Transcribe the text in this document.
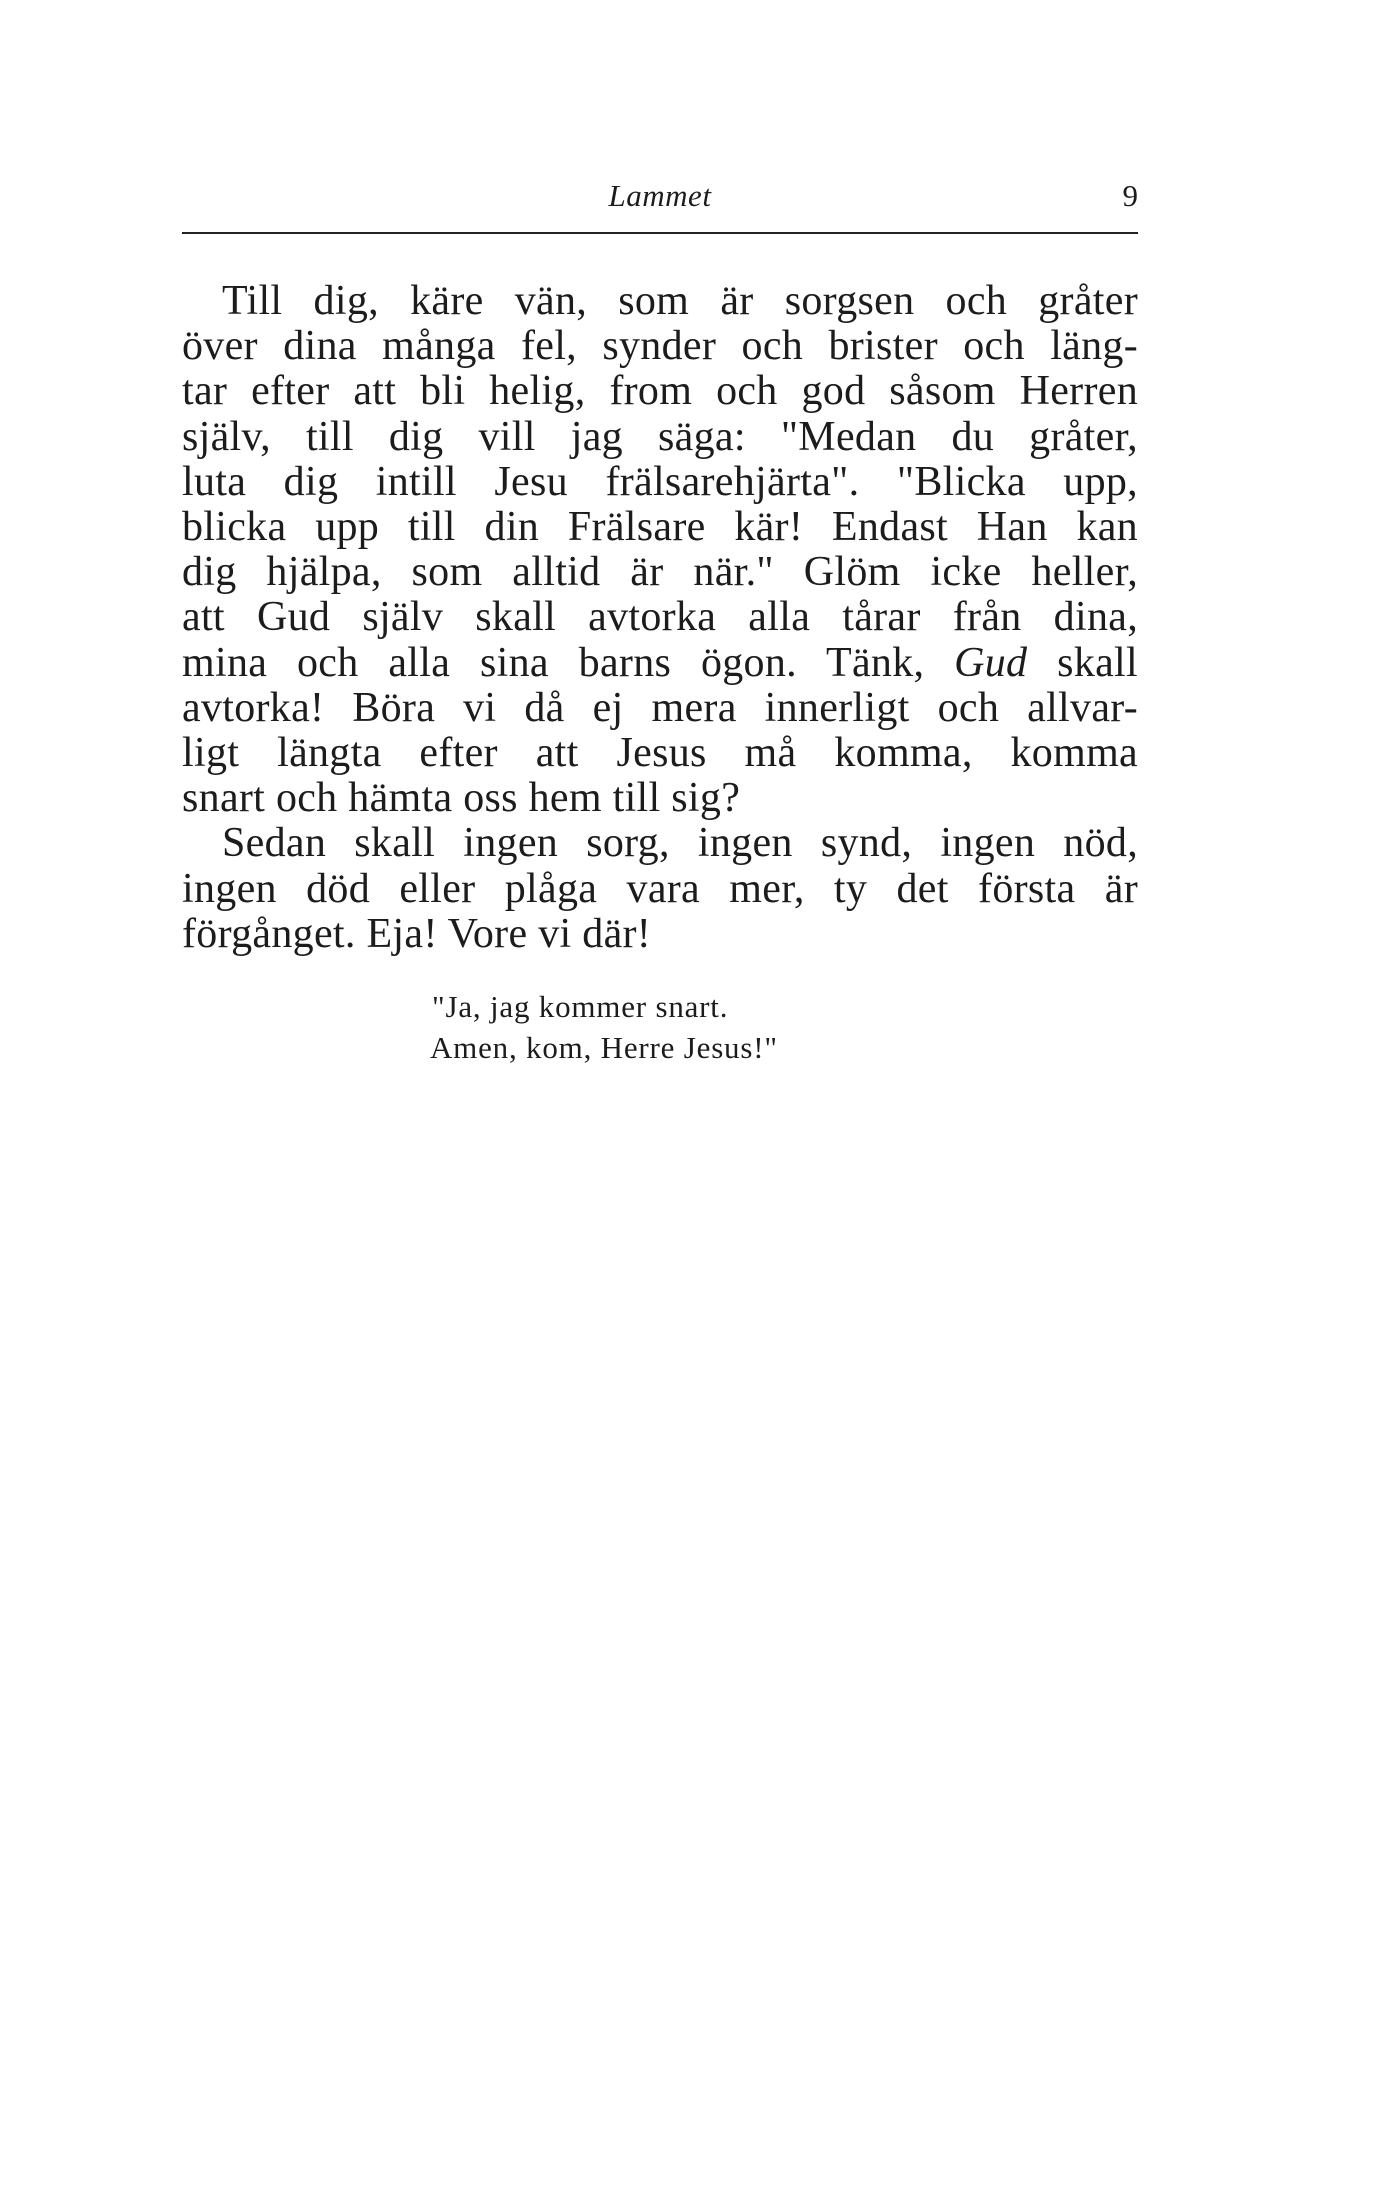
Lammet	9
Till dig, käre vän, som är sorgsen och gråter
över dina många fel, synder och brister och läng-
tar efter att bli helig, from och god såsom Herren
själv, till dig vill jag säga: "Medan du gråter,
luta dig intill Jesu frälsarehjärta". "Blicka upp,
blicka upp till din Frälsare kär! Endast Han kan
dig hjälpa, som alltid är när." Glöm icke heller,
att Gud själv skall avtorka alla tårar från dina,
mina och alla sina barns ögon. Tänk, Gud skall
avtorka! Böra vi då ej mera innerligt och allvar-
ligt längta efter att Jesus må komma, komma
snart och hämta oss hem till sig?
Sedan skall ingen sorg, ingen synd, ingen nöd,
ingen död eller plåga vara mer, ty det första är
förgånget. Eja! Vore vi där!
"Ja, jag kommer snart.
Amen, kom, Herre Jesus!"
